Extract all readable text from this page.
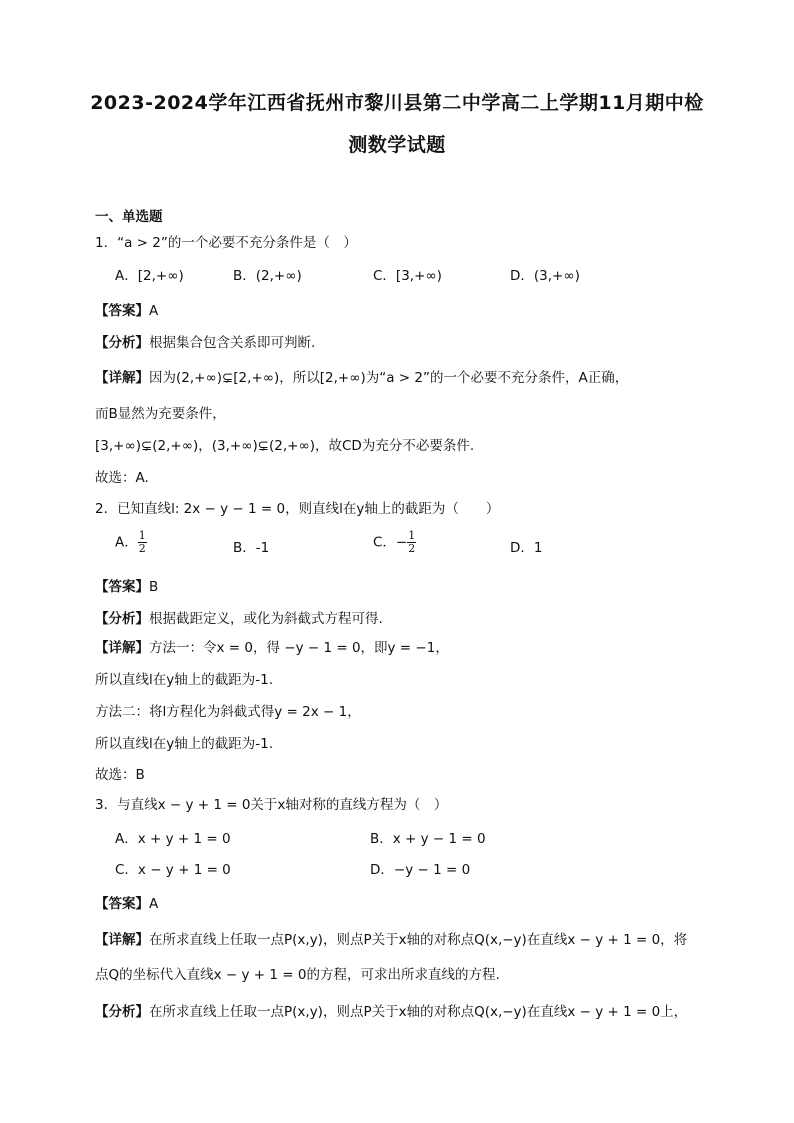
2023-2024学年江西省抚州市黎川县第二中学高二上学期11月期中检
测数学试题
一、单选题
1．“a > 2”的一个必要不充分条件是（　）
A．[2,+∞)	B．(2,+∞)	C．[3,+∞)	D．(3,+∞)
【答案】A
【分析】根据集合包含关系即可判断.
【详解】因为(2,+∞)⊊[2,+∞)，所以[2,+∞)为“a > 2”的一个必要不充分条件，A正确，
而B显然为充要条件，
[3,+∞)⊊(2,+∞)，(3,+∞)⊊(2,+∞)，故CD为充分不必要条件.
故选：A.
2．已知直线l: 2x − y − 1 = 0，则直线l在y轴上的截距为（　　）
A． $\frac{1}{2}$	B．-1	C．− $\frac{1}{2}$	D．1
【答案】B
【分析】根据截距定义，或化为斜截式方程可得.
【详解】方法一：令x = 0，得 −y − 1 = 0，即y = −1，
所以直线l在y轴上的截距为-1.
方法二：将l方程化为斜截式得y = 2x − 1，
所以直线l在y轴上的截距为-1.
故选：B
3．与直线x − y + 1 = 0关于x轴对称的直线方程为（　）
A．x + y + 1 = 0	B．x + y − 1 = 0
C．x − y + 1 = 0	D．−y − 1 = 0
【答案】A
【详解】在所求直线上任取一点P(x,y)，则点P关于x轴的对称点Q(x,−y)在直线x − y + 1 = 0，将
点Q的坐标代入直线x − y + 1 = 0的方程，可求出所求直线的方程.
【分析】在所求直线上任取一点P(x,y)，则点P关于x轴的对称点Q(x,−y)在直线x − y + 1 = 0上，
